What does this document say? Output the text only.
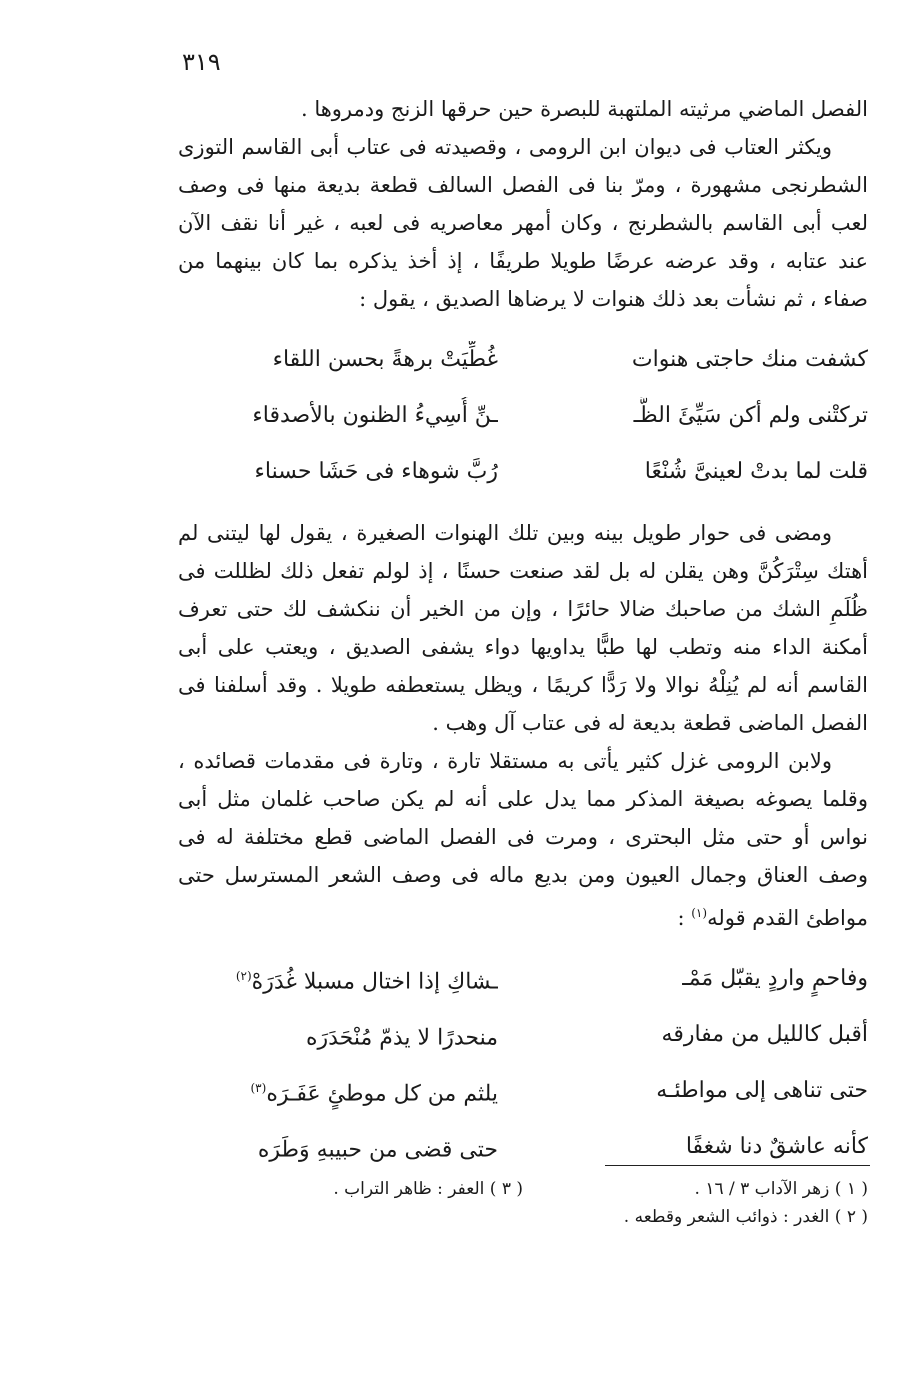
٣١٩

الفصل الماضي مرثيته الملتهبة للبصرة حين حرقها الزنج ودمروها .

ويكثر العتاب فى ديوان ابن الرومى ، وقصيدته فى عتاب أبى القاسم التوزى الشطرنجى مشهورة ، ومرّ بنا فى الفصل السالف قطعة بديعة منها فى وصف لعب أبى القاسم بالشطرنج ، وكان أمهر معاصريه فى لعبه ، غير أنا نقف الآن عند عتابه ، وقد عرضه عرضًا طويلا طريفًا ، إذ أخذ يذكره بما كان بينهما من صفاء ، ثم نشأت بعد ذلك هنوات لا يرضاها الصديق ، يقول :

كشفت منك حاجتى هنوات
غُطِّيَتْ برهةً بحسن اللقاء
تركتْنى ولم أكن سَيِّئَ الظَّـ
ـنِّ أُسِيءُ الظنون بالأصدقاء
قلت لما بدتْ لعينىَّ شُنْعًا
رُبَّ شوهاء فى حَشَا حسناء

ومضى فى حوار طويل بينه وبين تلك الهنوات الصغيرة ، يقول لها ليتنى لم أهتك سِتْرَكُنَّ وهن يقلن له بل لقد صنعت حسنًا ، إذ لولم تفعل ذلك لظللت فى ظُلَمِ الشك من صاحبك ضالا حائرًا ، وإن من الخير أن ننكشف لك حتى تعرف أمكنة الداء منه وتطب لها طبًّا يداويها دواء يشفى الصديق ، ويعتب على أبى القاسم أنه لم يُنِلْهُ نوالا ولا رَدًّا كريمًا ، ويظل يستعطفه طويلا . وقد أسلفنا فى الفصل الماضى قطعة بديعة له فى عتاب آل وهب .

ولابن الرومى غزل كثير يأتى به مستقلا تارة ، وتارة فى مقدمات قصائده ، وقلما يصوغه بصيغة المذكر مما يدل على أنه لم يكن صاحب غلمان مثل أبى نواس أو حتى مثل البحترى ، ومرت فى الفصل الماضى قطع مختلفة له فى وصف العناق وجمال العيون ومن بديع ماله فى وصف الشعر المسترسل حتى مواطئ القدم قوله$^{(١)}$ :

وفاحمٍ واردٍ يقبّل مَمْـ
ـشاكِ إذا اختال مسبلا غُدَرَهْ$^{(٢)}$
أقبل كالليل من مفارقه
منحدرًا لا يذمّ مُنْحَدَرَه
حتى تناهى إلى مواطئـه
يلثم من كل موطئٍ عَفَـرَه$^{(٣)}$
كأنه عاشقٌ دنا شغفًا
حتى قضى من حبيبهِ وَطَرَه
( ١ ) زهر الآداب ٣ / ١٦ .
( ٢ ) الغدر : ذوائب الشعر وقطعه .
( ٣ ) العفر : ظاهر التراب .
